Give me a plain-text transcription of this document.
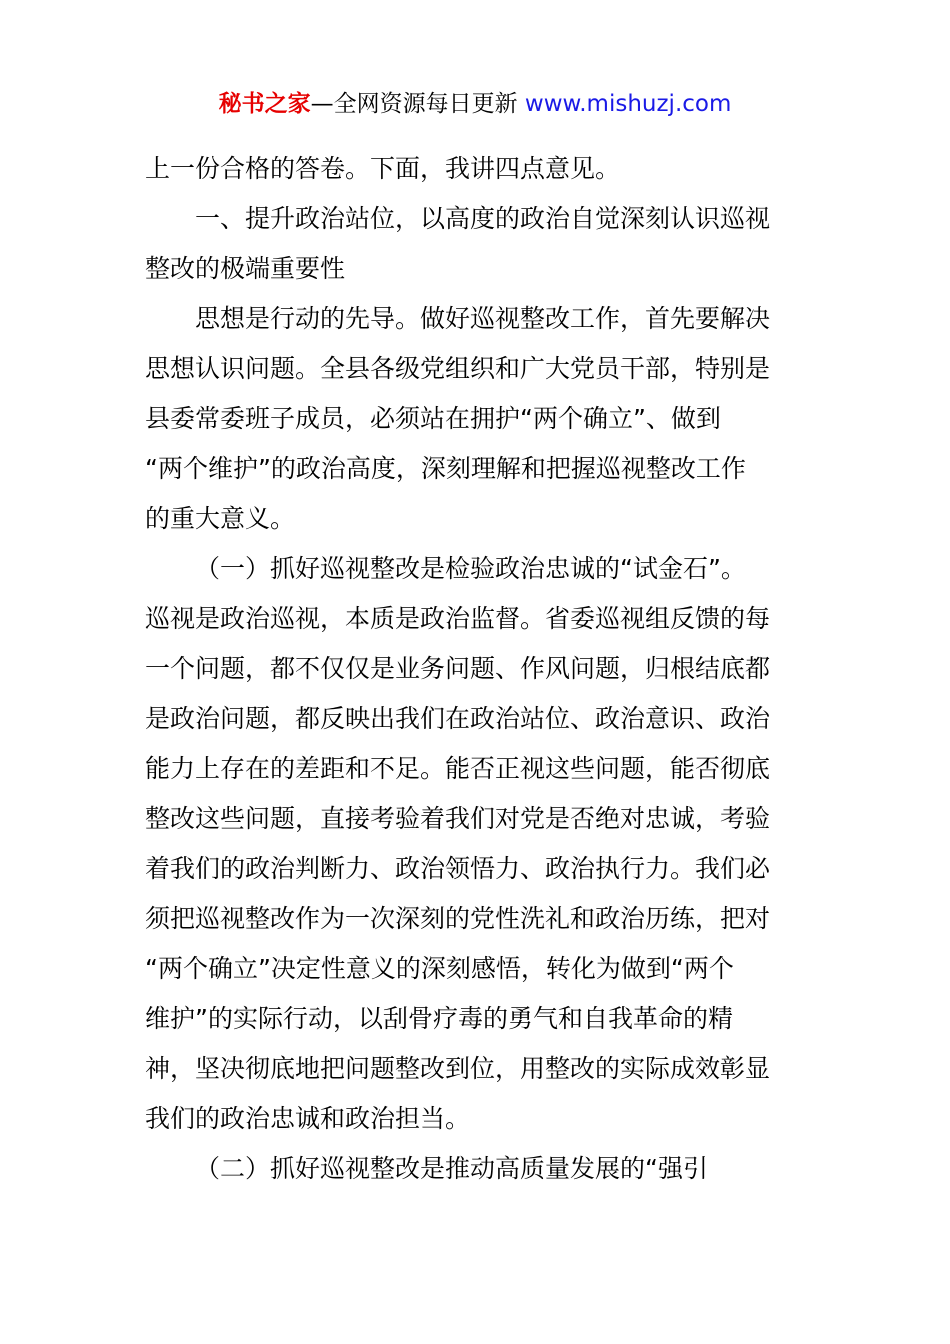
秘书之家—全网资源每日更新 www.mishuzj.com
上一份合格的答卷。下面，我讲四点意见。
一、提升政治站位，以高度的政治自觉深刻认识巡视
整改的极端重要性
思想是行动的先导。做好巡视整改工作，首先要解决
思想认识问题。全县各级党组织和广大党员干部，特别是
县委常委班子成员，必须站在拥护“两个确立”、做到
“两个维护”的政治高度，深刻理解和把握巡视整改工作
的重大意义。
（一）抓好巡视整改是检验政治忠诚的“试金石”。
巡视是政治巡视，本质是政治监督。省委巡视组反馈的每
一个问题，都不仅仅是业务问题、作风问题，归根结底都
是政治问题，都反映出我们在政治站位、政治意识、政治
能力上存在的差距和不足。能否正视这些问题，能否彻底
整改这些问题，直接考验着我们对党是否绝对忠诚，考验
着我们的政治判断力、政治领悟力、政治执行力。我们必
须把巡视整改作为一次深刻的党性洗礼和政治历练，把对
“两个确立”决定性意义的深刻感悟，转化为做到“两个
维护”的实际行动，以刮骨疗毒的勇气和自我革命的精
神，坚决彻底地把问题整改到位，用整改的实际成效彰显
我们的政治忠诚和政治担当。
（二）抓好巡视整改是推动高质量发展的“强引
